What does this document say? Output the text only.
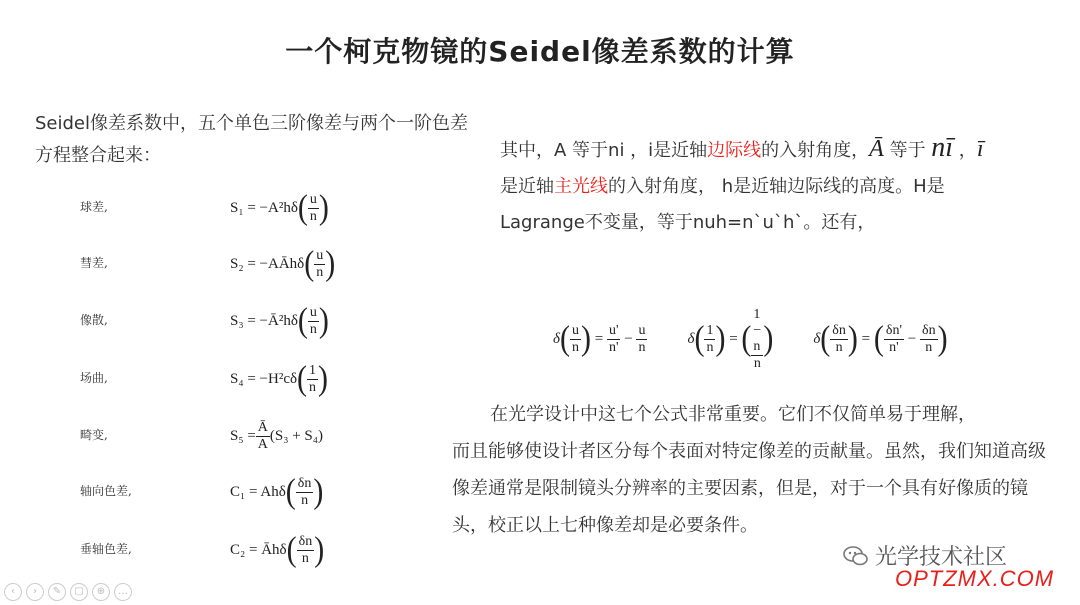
一个柯克物镜的Seidel像差系数的计算
Seidel像差系数中，五个单色三阶像差与两个一阶色差方程整合起来：
球差,	S₁ = −A²hδ ( $\frac{u}{n}$ )
彗差,	S₂ = −AĀhδ ( $\frac{u}{n}$ )
像散,	S₃ = −Ā²hδ ( $\frac{u}{n}$ )
场曲,	S₄ = −H²cδ ( $\frac{1}{n}$ )
畸变,	$S_5 = \frac{Ā}{A} (S_3 + S_4)$
轴向色差,	C₁ = Ahδ ( $\frac{\delta n}{n}$ )
垂轴色差,	C₂ = Āhδ ( $\frac{\delta n}{n}$ )
其中，A 等于ni ，i是近轴边际线的入射角度，Ā 等于 nī ，ī
是近轴主光线的入射角度， h是近轴边际线的高度。H是Lagrange不变量，等于nuh=n`u`h`。还有，
δ ( $\frac{u}{n}$ ) = $\frac{u'}{n'}$
−
$\frac{u}{n}$	δ ( $\frac{1}{n}$ ) = ( $\frac{1 - n}{n}$ )	δ ( $\frac{\delta n}{n}$ ) = ( $\frac{\delta n'}{n'}$
−
$\frac{\delta n}{n}$ )
在光学设计中这七个公式非常重要。它们不仅简单易于理解，
而且能够使设计者区分每个表面对特定像差的贡献量。虽然，我们知道高级像差通常是限制镜头分辨率的主要因素，但是，对于一个具有好像质的镜头，校正以上七种像差却是必要条件。
光学技术社区
OPTZMX.COM
‹	›	✎	▢	⊕	…
